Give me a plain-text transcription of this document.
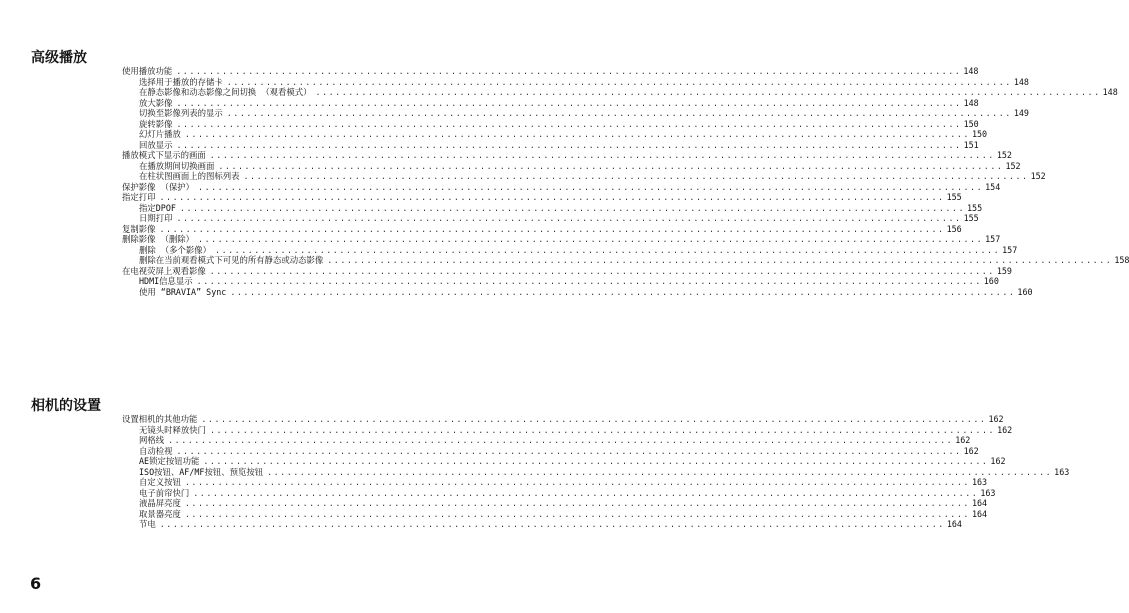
高级播放
使用播放功能 ........................................................................................................................ 148
选择用于播放的存储卡 ........................................................................................................................ 148
在静态影像和动态影像之间切换 （观看模式） ........................................................................................................................ 148
放大影像 ........................................................................................................................ 148
切换至影像列表的显示 ........................................................................................................................ 149
旋转影像 ........................................................................................................................ 150
幻灯片播放 ........................................................................................................................ 150
回放显示 ........................................................................................................................ 151
播放模式下显示的画面 ........................................................................................................................ 152
在播放期间切换画面 ........................................................................................................................ 152
在柱状图画面上的图标列表 ........................................................................................................................ 152
保护影像 （保护） ........................................................................................................................ 154
指定打印 ........................................................................................................................ 155
指定DPOF ........................................................................................................................ 155
日期打印 ........................................................................................................................ 155
复制影像 ........................................................................................................................ 156
删除影像 （删除） ........................................................................................................................ 157
删除 （多个影像） ........................................................................................................................ 157
删除在当前观看模式下可见的所有静态或动态影像 ........................................................................................................................ 158
在电视荧屏上观看影像 ........................................................................................................................ 159
HDMI信息显示 ........................................................................................................................ 160
使用 “BRAVIA” Sync ........................................................................................................................ 160
相机的设置
设置相机的其他功能 ........................................................................................................................ 162
无镜头时释放快门 ........................................................................................................................ 162
网格线 ........................................................................................................................ 162
自动检视 ........................................................................................................................ 162
AE锁定按钮功能 ........................................................................................................................ 162
ISO按钮、AF/MF按钮、预览按钮 ........................................................................................................................ 163
自定义按钮 ........................................................................................................................ 163
电子前帘快门 ........................................................................................................................ 163
液晶屏亮度 ........................................................................................................................ 164
取景器亮度 ........................................................................................................................ 164
节电 ........................................................................................................................ 164
6
